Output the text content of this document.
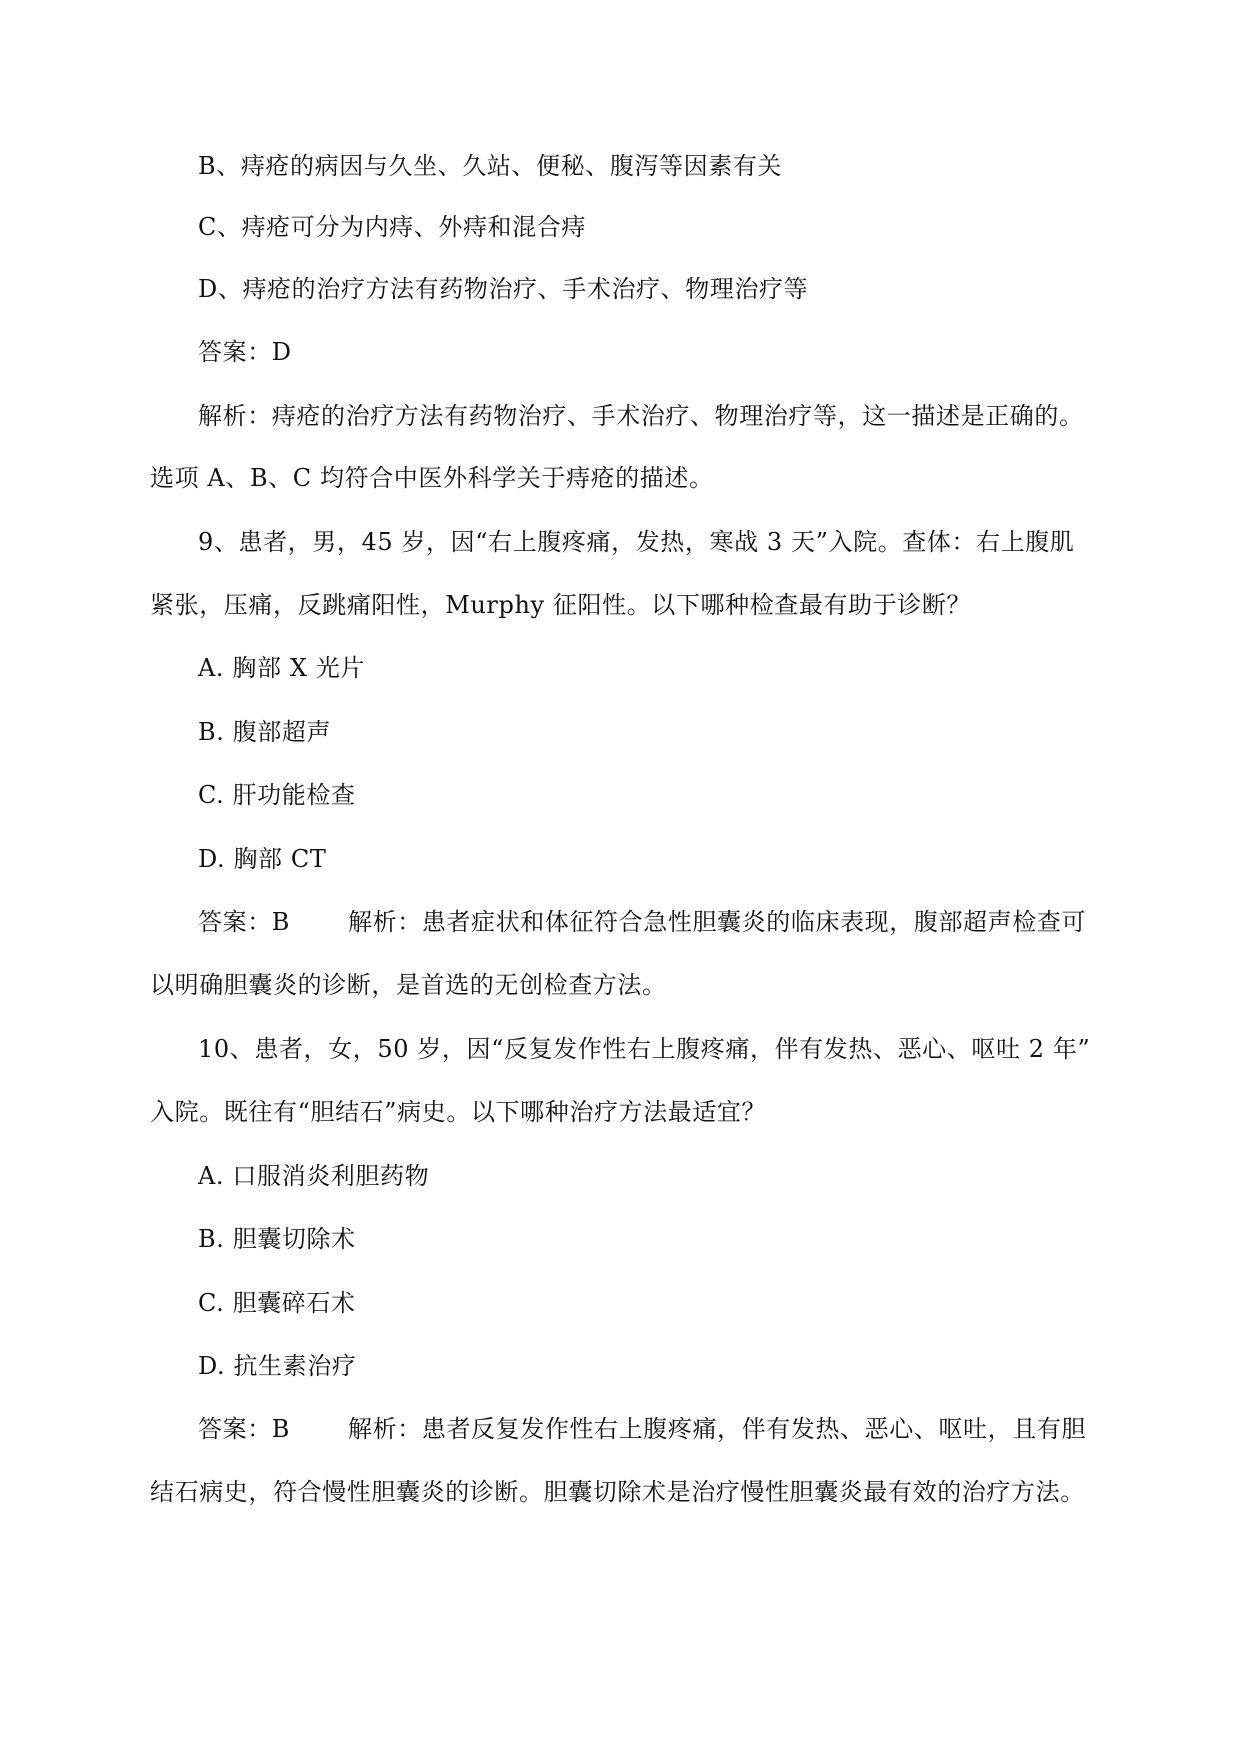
B、痔疮的病因与久坐、久站、便秘、腹泻等因素有关
C、痔疮可分为内痔、外痔和混合痔
D、痔疮的治疗方法有药物治疗、手术治疗、物理治疗等
答案：D
解析：痔疮的治疗方法有药物治疗、手术治疗、物理治疗等，这一描述是正确的。
选项 A、B、C 均符合中医外科学关于痔疮的描述。
9、患者，男，45 岁，因“右上腹疼痛，发热，寒战 3 天”入院。查体：右上腹肌
紧张，压痛，反跳痛阳性，Murphy 征阳性。以下哪种检查最有助于诊断？
A. 胸部 X 光片
B. 腹部超声
C. 肝功能检查
D. 胸部 CT
答案：B 解析：患者症状和体征符合急性胆囊炎的临床表现，腹部超声检查可
以明确胆囊炎的诊断，是首选的无创检查方法。
10、患者，女，50 岁，因“反复发作性右上腹疼痛，伴有发热、恶心、呕吐 2 年”
入院。既往有“胆结石”病史。以下哪种治疗方法最适宜？
A. 口服消炎利胆药物
B. 胆囊切除术
C. 胆囊碎石术
D. 抗生素治疗
答案：B 解析：患者反复发作性右上腹疼痛，伴有发热、恶心、呕吐，且有胆
结石病史，符合慢性胆囊炎的诊断。胆囊切除术是治疗慢性胆囊炎最有效的治疗方法。
